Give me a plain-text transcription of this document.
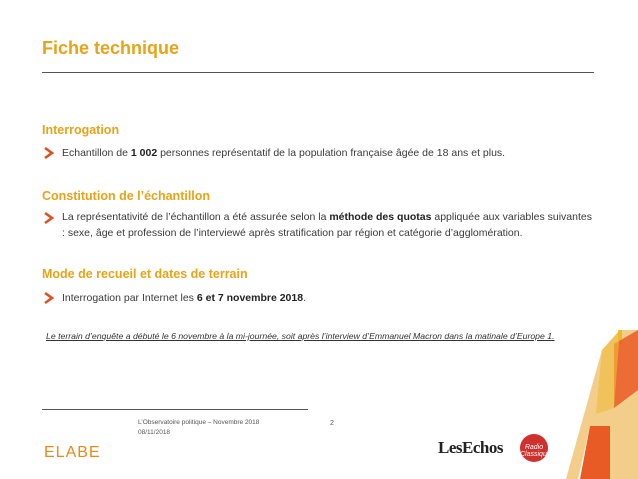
Fiche technique
Interrogation
Echantillon de 1 002 personnes représentatif de la population française âgée de 18 ans et plus.
Constitution de l’échantillon
La représentativité de l’échantillon a été assurée selon la méthode des quotas appliquée aux variables suivantes : sexe, âge et profession de l’interviewé après stratification par région et catégorie d’agglomération.
Mode de recueil et dates de terrain
Interrogation par Internet les 6 et 7 novembre 2018.
Le terrain d’enquête a débuté le 6 novembre à la mi-journée, soit après l’interview d’Emmanuel Macron dans la matinale d’Europe 1.
ELABE
L’Observatoire politique – Novembre 2018
08/11/2018
2
LesEchos	Radio Classique
